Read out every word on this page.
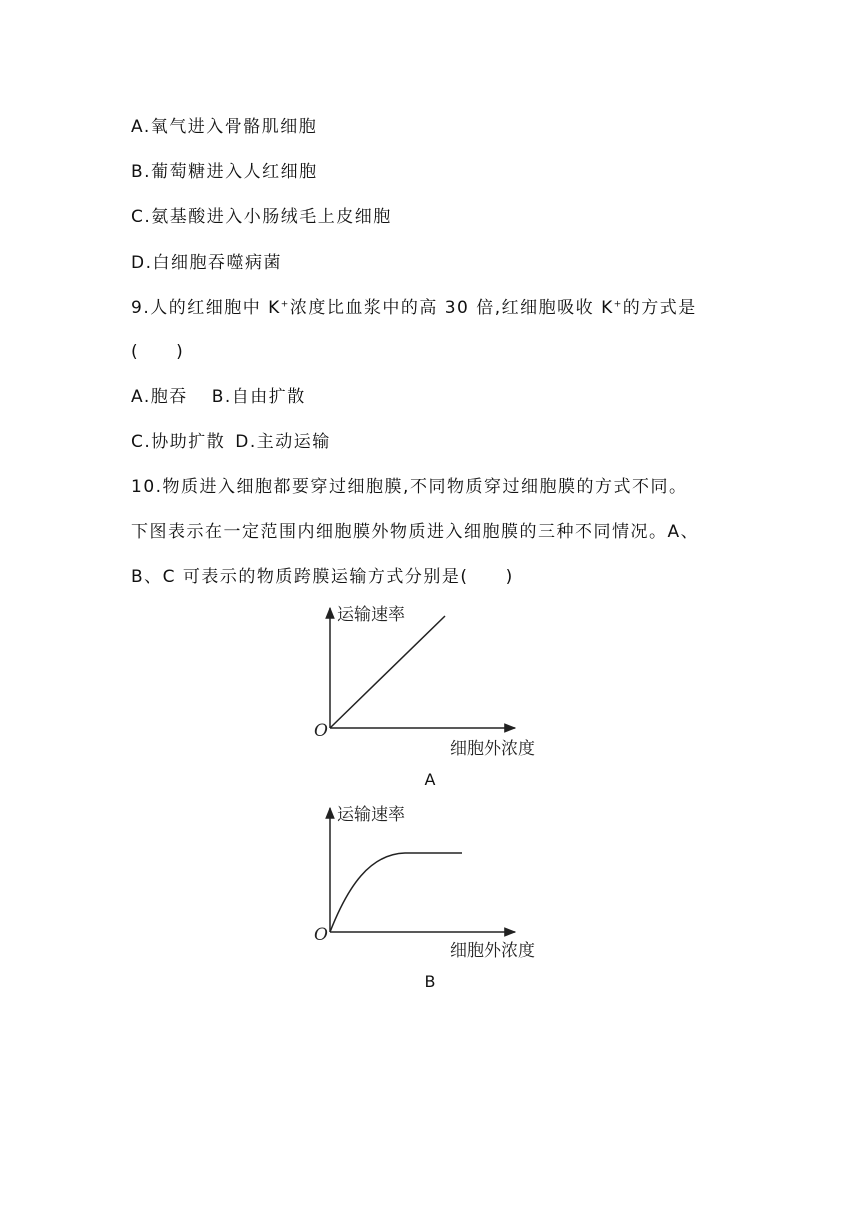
A.氧气进入骨骼肌细胞
B.葡萄糖进入人红细胞
C.氨基酸进入小肠绒毛上皮细胞
D.白细胞吞噬病菌
9.人的红细胞中 K+浓度比血浆中的高 30 倍,红细胞吸收 K+的方式是
(　　)
A.胞吞 B.自由扩散
C.协助扩散 D.主动运输
10.物质进入细胞都要穿过细胞膜,不同物质穿过细胞膜的方式不同。
下图表示在一定范围内细胞膜外物质进入细胞膜的三种不同情况。A、
B、C 可表示的物质跨膜运输方式分别是(　　)
运输速率
O
细胞外浓度
A
运输速率
O
细胞外浓度
B
